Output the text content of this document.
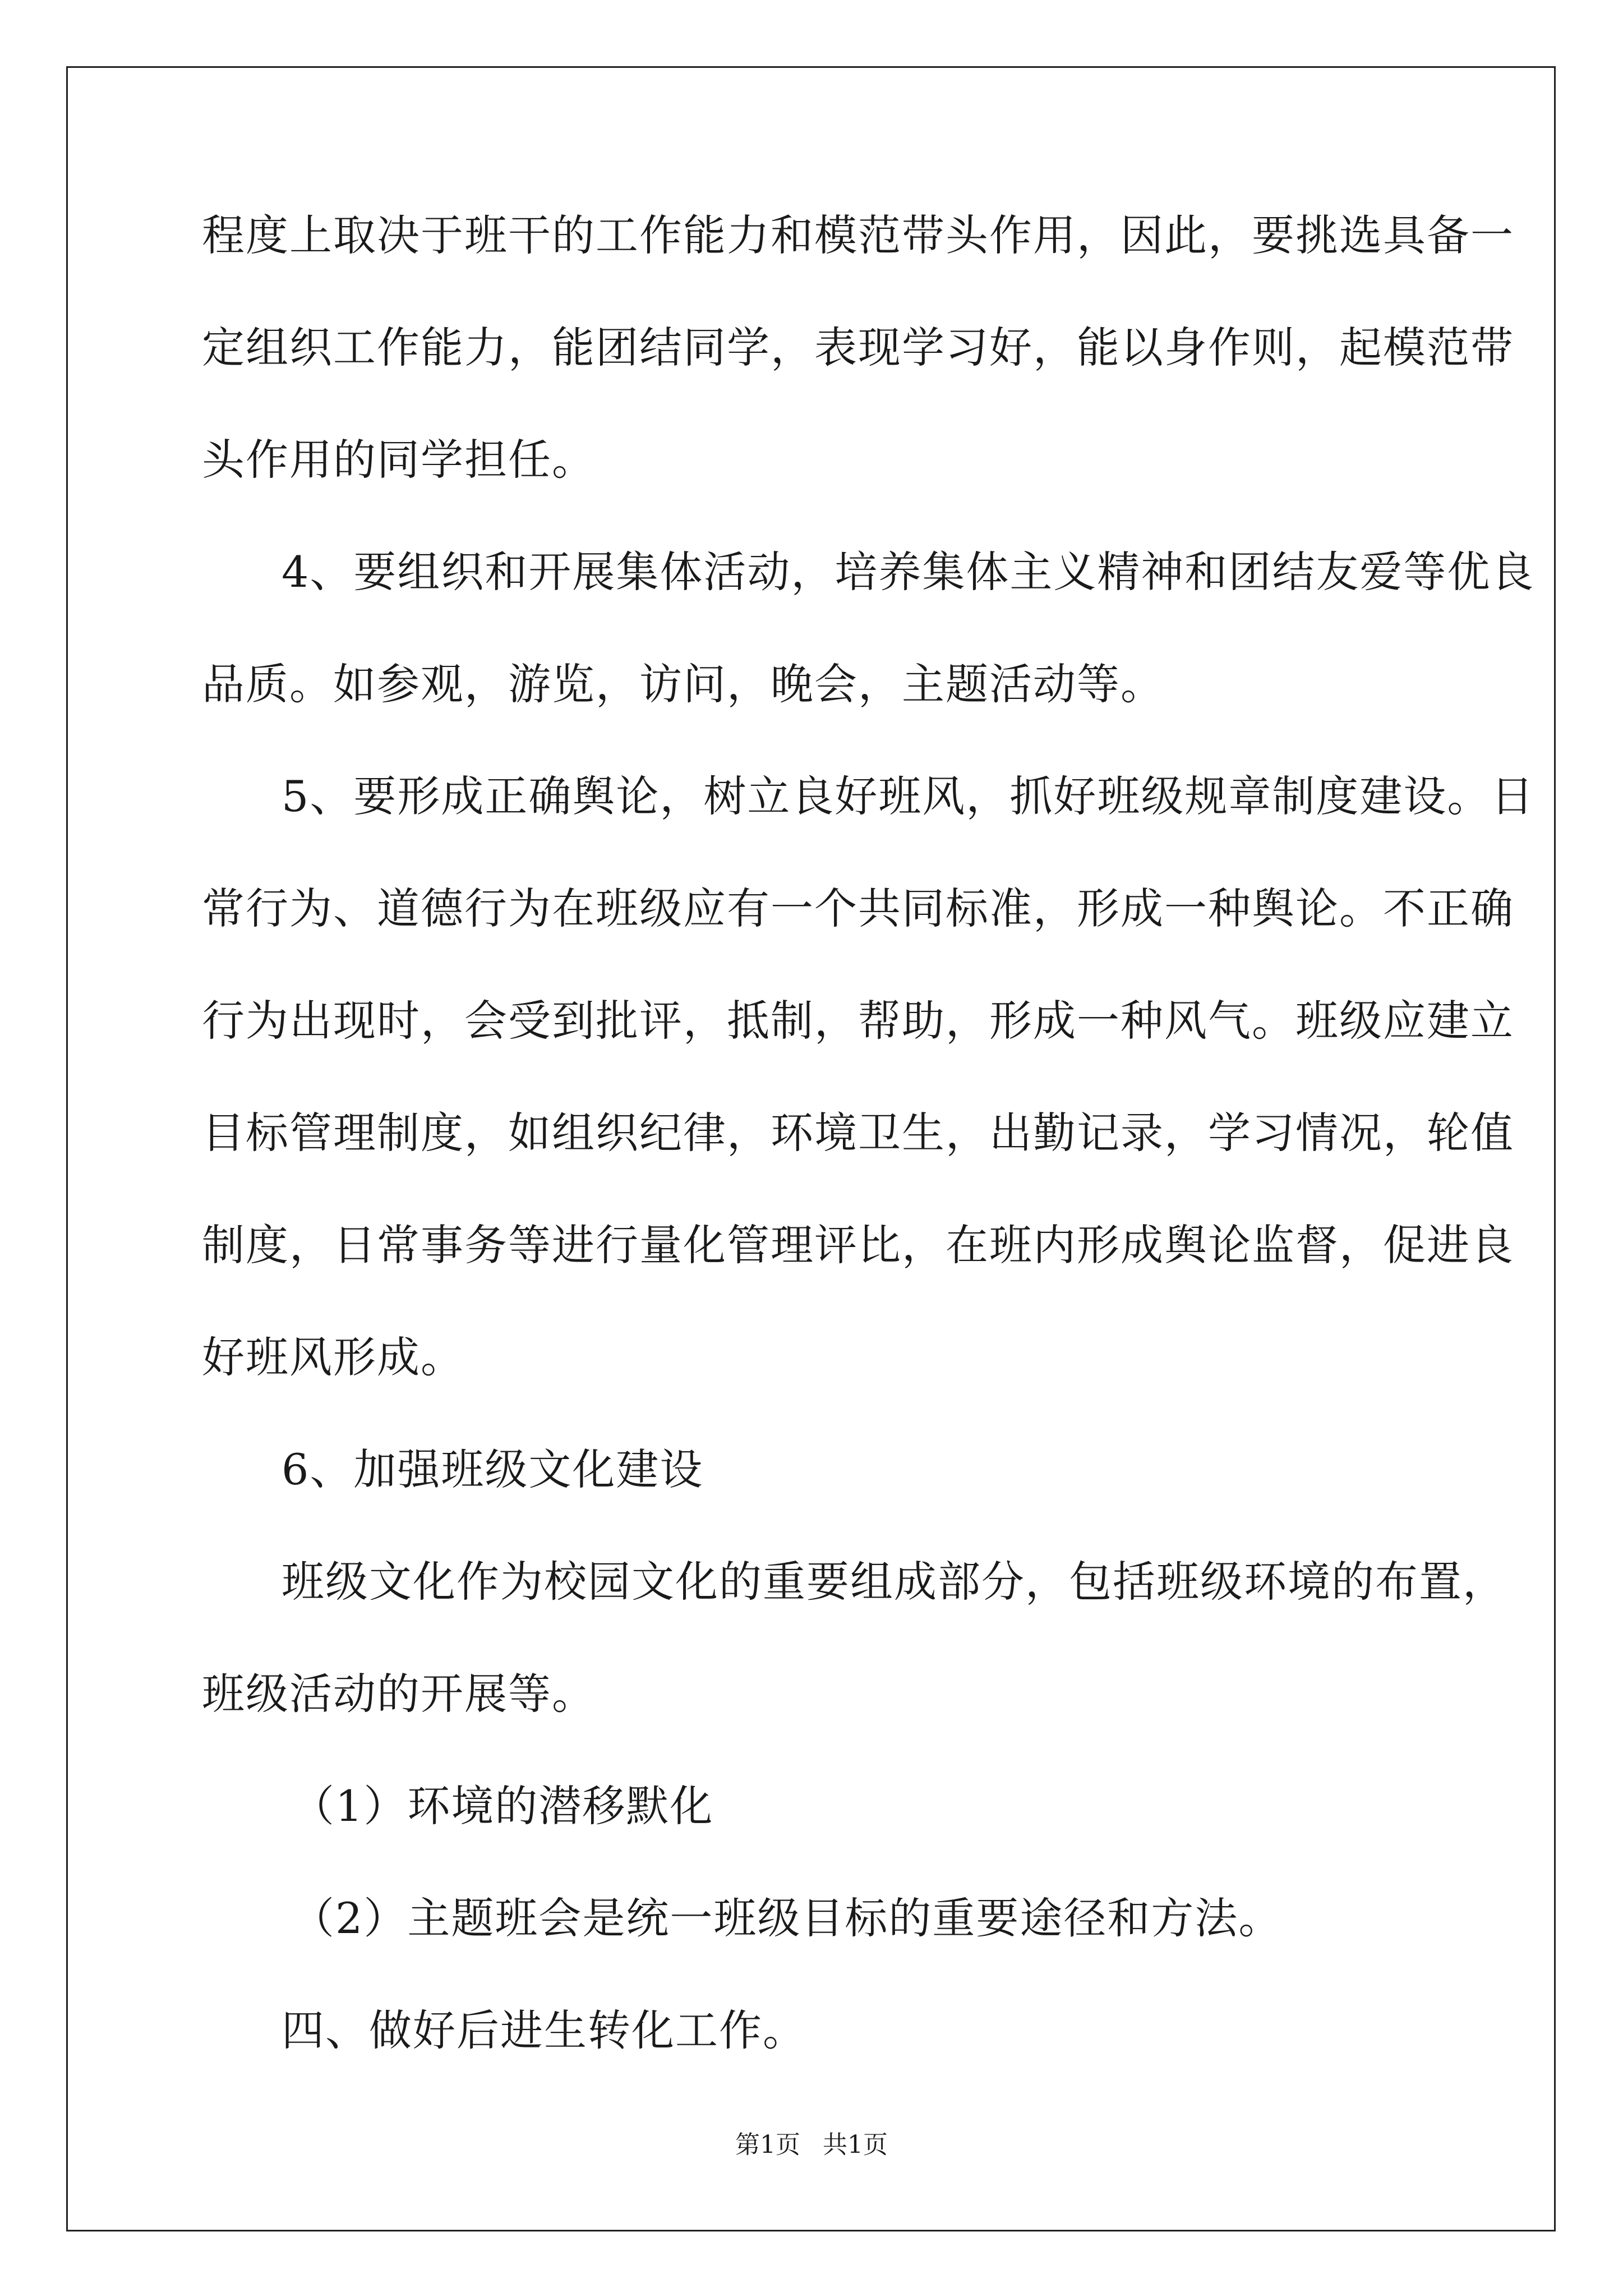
程度上取决于班干的工作能力和模范带头作用，因此，要挑选具备一
定组织工作能力，能团结同学，表现学习好，能以身作则，起模范带
头作用的同学担任。
4、要组织和开展集体活动，培养集体主义精神和团结友爱等优良
品质。如参观，游览，访问，晚会，主题活动等。
5、要形成正确舆论，树立良好班风，抓好班级规章制度建设。日
常行为、道德行为在班级应有一个共同标准，形成一种舆论。不正确
行为出现时，会受到批评，抵制，帮助，形成一种风气。班级应建立
目标管理制度，如组织纪律，环境卫生，出勤记录，学习情况，轮值
制度，日常事务等进行量化管理评比，在班内形成舆论监督，促进良
好班风形成。
6、加强班级文化建设
班级文化作为校园文化的重要组成部分，包括班级环境的布置，
班级活动的开展等。
（1）环境的潜移默化
（2）主题班会是统一班级目标的重要途径和方法。
四、做好后进生转化工作。
第1页 共1页
